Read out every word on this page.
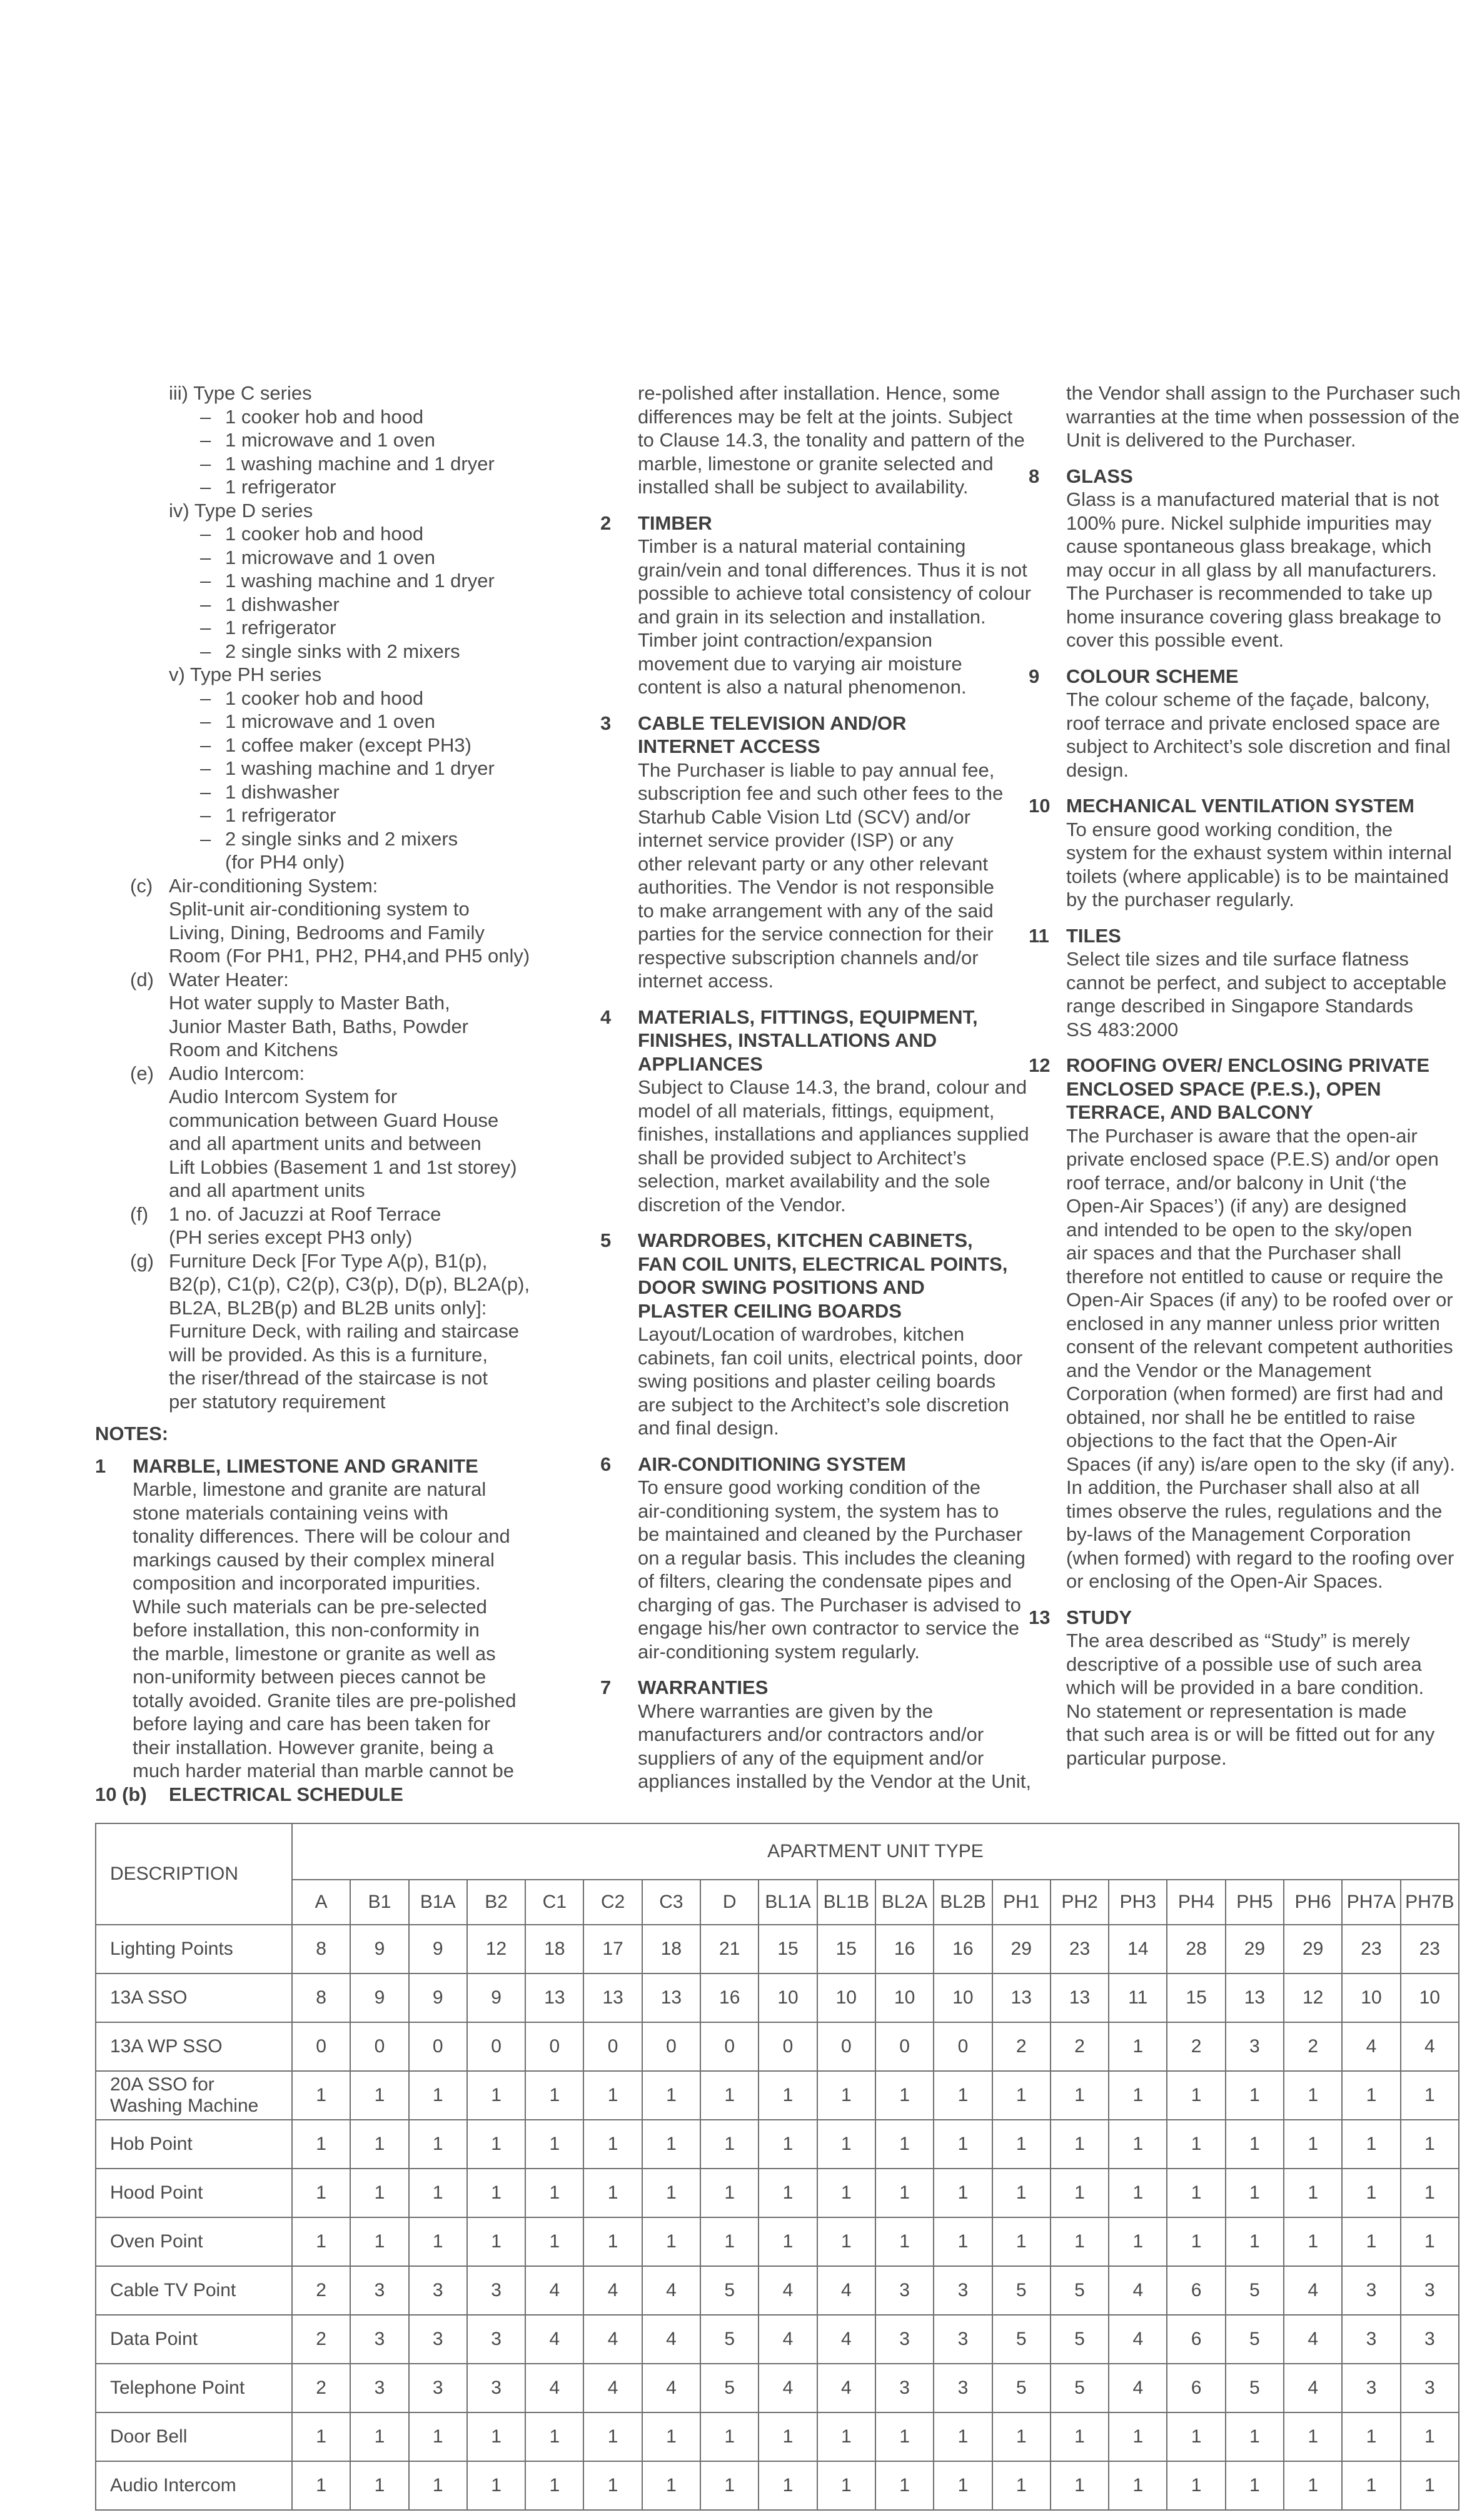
iii) Type C series
– 1 cooker hob and hood
– 1 microwave and 1 oven
– 1 washing machine and 1 dryer
– 1 refrigerator
iv) Type D series
– 1 cooker hob and hood
– 1 microwave and 1 oven
– 1 washing machine and 1 dryer
– 1 dishwasher
– 1 refrigerator
– 2 single sinks with 2 mixers
v) Type PH series
– 1 cooker hob and hood
– 1 microwave and 1 oven
– 1 coffee maker (except PH3)
– 1 washing machine and 1 dryer
– 1 dishwasher
– 1 refrigerator
– 2 single sinks and 2 mixers (for PH4 only)
(c) Air-conditioning System:
Split-unit air-conditioning system to
Living, Dining, Bedrooms and Family
Room (For PH1, PH2, PH4,and PH5 only)
(d) Water Heater:
Hot water supply to Master Bath,
Junior Master Bath, Baths, Powder
Room and Kitchens
(e) Audio Intercom:
Audio Intercom System for
communication between Guard House
and all apartment units and between
Lift Lobbies (Basement 1 and 1st storey)
and all apartment units
(f) 1 no. of Jacuzzi at Roof Terrace
(PH series except PH3 only)
(g) Furniture Deck [For Type A(p), B1(p),
B2(p), C1(p), C2(p), C3(p), D(p), BL2A(p),
BL2A, BL2B(p) and BL2B units only]:
Furniture Deck, with railing and staircase
will be provided. As this is a furniture,
the riser/thread of the staircase is not
per statutory requirement
NOTES:
1 MARBLE, LIMESTONE AND GRANITE
Marble, limestone and granite are natural
stone materials containing veins with
tonality differences. There will be colour and
markings caused by their complex mineral
composition and incorporated impurities.
While such materials can be pre-selected
before installation, this non-conformity in
the marble, limestone or granite as well as
non-uniformity between pieces cannot be
totally avoided. Granite tiles are pre-polished
before laying and care has been taken for
their installation. However granite, being a
much harder material than marble cannot be
re-polished after installation. Hence, some
differences may be felt at the joints. Subject
to Clause 14.3, the tonality and pattern of the
marble, limestone or granite selected and
installed shall be subject to availability.
2 TIMBER
Timber is a natural material containing
grain/vein and tonal differences. Thus it is not
possible to achieve total consistency of colour
and grain in its selection and installation.
Timber joint contraction/expansion
movement due to varying air moisture
content is also a natural phenomenon.
3 CABLE TELEVISION AND/OR
INTERNET ACCESS
The Purchaser is liable to pay annual fee,
subscription fee and such other fees to the
Starhub Cable Vision Ltd (SCV) and/or
internet service provider (ISP) or any
other relevant party or any other relevant
authorities. The Vendor is not responsible
to make arrangement with any of the said
parties for the service connection for their
respective subscription channels and/or
internet access.
4 MATERIALS, FITTINGS, EQUIPMENT,
FINISHES, INSTALLATIONS AND
APPLIANCES
Subject to Clause 14.3, the brand, colour and
model of all materials, fittings, equipment,
finishes, installations and appliances supplied
shall be provided subject to Architect’s
selection, market availability and the sole
discretion of the Vendor.
5 WARDROBES, KITCHEN CABINETS,
FAN COIL UNITS, ELECTRICAL POINTS,
DOOR SWING POSITIONS AND
PLASTER CEILING BOARDS
Layout/Location of wardrobes, kitchen
cabinets, fan coil units, electrical points, door
swing positions and plaster ceiling boards
are subject to the Architect’s sole discretion
and final design.
6 AIR-CONDITIONING SYSTEM
To ensure good working condition of the
air-conditioning system, the system has to
be maintained and cleaned by the Purchaser
on a regular basis. This includes the cleaning
of filters, clearing the condensate pipes and
charging of gas. The Purchaser is advised to
engage his/her own contractor to service the
air-conditioning system regularly.
7 WARRANTIES
Where warranties are given by the
manufacturers and/or contractors and/or
suppliers of any of the equipment and/or
appliances installed by the Vendor at the Unit,
the Vendor shall assign to the Purchaser such
warranties at the time when possession of the
Unit is delivered to the Purchaser.
8 GLASS
Glass is a manufactured material that is not
100% pure. Nickel sulphide impurities may
cause spontaneous glass breakage, which
may occur in all glass by all manufacturers.
The Purchaser is recommended to take up
home insurance covering glass breakage to
cover this possible event.
9 COLOUR SCHEME
The colour scheme of the façade, balcony,
roof terrace and private enclosed space are
subject to Architect’s sole discretion and final
design.
10 MECHANICAL VENTILATION SYSTEM
To ensure good working condition, the
system for the exhaust system within internal
toilets (where applicable) is to be maintained
by the purchaser regularly.
11 TILES
Select tile sizes and tile surface flatness
cannot be perfect, and subject to acceptable
range described in Singapore Standards
SS 483:2000
12 ROOFING OVER/ ENCLOSING PRIVATE
ENCLOSED SPACE (P.E.S.), OPEN
TERRACE, AND BALCONY
The Purchaser is aware that the open-air
private enclosed space (P.E.S) and/or open
roof terrace, and/or balcony in Unit (‘the
Open-Air Spaces’) (if any) are designed
and intended to be open to the sky/open
air spaces and that the Purchaser shall
therefore not entitled to cause or require the
Open-Air Spaces (if any) to be roofed over or
enclosed in any manner unless prior written
consent of the relevant competent authorities
and the Vendor or the Management
Corporation (when formed) are first had and
obtained, nor shall he be entitled to raise
objections to the fact that the Open-Air
Spaces (if any) is/are open to the sky (if any).
In addition, the Purchaser shall also at all
times observe the rules, regulations and the
by-laws of the Management Corporation
(when formed) with regard to the roofing over
or enclosing of the Open-Air Spaces.
13 STUDY
The area described as “Study” is merely
descriptive of a possible use of such area
which will be provided in a bare condition.
No statement or representation is made
that such area is or will be fitted out for any
particular purpose.
10 (b) ELECTRICAL SCHEDULE
DESCRIPTION	APARTMENT UNIT TYPE																			
	A	B1	B1A	B2	C1	C2	C3	D	BL1A	BL1B	BL2A	BL2B	PH1	PH2	PH3	PH4	PH5	PH6	PH7A	PH7B

Lighting Points	8	9	9	12	18	17	18	21	15	15	16	16	29	23	14	28	29	29	23	23

13A SSO	8	9	9	9	13	13	13	16	10	10	10	10	13	13	11	15	13	12	10	10

13A WP SSO	0	0	0	0	0	0	0	0	0	0	0	0	2	2	1	2	3	2	4	4

20A SSO for
Washing Machine	1	1	1	1	1	1	1	1	1	1	1	1	1	1	1	1	1	1	1	1

Hob Point	1	1	1	1	1	1	1	1	1	1	1	1	1	1	1	1	1	1	1	1

Hood Point	1	1	1	1	1	1	1	1	1	1	1	1	1	1	1	1	1	1	1	1

Oven Point	1	1	1	1	1	1	1	1	1	1	1	1	1	1	1	1	1	1	1	1

Cable TV Point	2	3	3	3	4	4	4	5	4	4	3	3	5	5	4	6	5	4	3	3

Data Point	2	3	3	3	4	4	4	5	4	4	3	3	5	5	4	6	5	4	3	3

Telephone Point	2	3	3	3	4	4	4	5	4	4	3	3	5	5	4	6	5	4	3	3

Door Bell	1	1	1	1	1	1	1	1	1	1	1	1	1	1	1	1	1	1	1	1

Audio Intercom	1	1	1	1	1	1	1	1	1	1	1	1	1	1	1	1	1	1	1	1
